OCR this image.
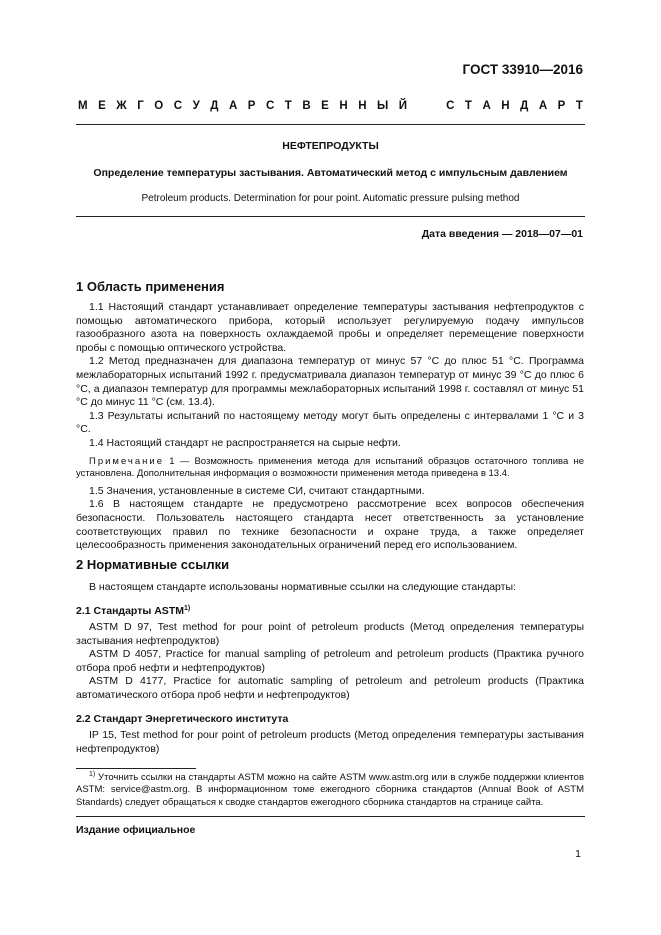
ГОСТ 33910—2016
М Е Ж Г О С У Д А Р С Т В Е Н Н Ы Й	С Т А Н Д А Р Т
НЕФТЕПРОДУКТЫ
Определение температуры застывания. Автоматический метод с импульсным давлением
Petroleum products. Determination for pour point. Automatic pressure pulsing method
Дата введения — 2018—07—01
1 Область применения

1.1 Настоящий стандарт устанавливает определение температуры застывания нефтепродуктов с помощью автоматического прибора, который использует регулируемую подачу импульсов газообразного азота на поверхность охлаждаемой пробы и определяет перемещение поверхности пробы с помощью оптического устройства.

1.2 Метод предназначен для диапазона температур от минус 57 °С до плюс 51 °С. Программа межлабораторных испытаний 1992 г. предусматривала диапазон температур от минус 39 °С до плюс 6 °С, а диапазон температур для программы межлабораторных испытаний 1998 г. составлял от минус 51 °С до минус 11 °С (см. 13.4).

1.3 Результаты испытаний по настоящему методу могут быть определены с интервалами 1 °С и 3 °С.

1.4 Настоящий стандарт не распространяется на сырые нефти.

Примечание 1 — Возможность применения метода для испытаний образцов остаточного топлива не установлена. Дополнительная информация о возможности применения метода приведена в 13.4.

1.5 Значения, установленные в системе СИ, считают стандартными.

1.6 В настоящем стандарте не предусмотрено рассмотрение всех вопросов обеспечения безопасности. Пользователь настоящего стандарта несет ответственность за установление соответствующих правил по технике безопасности и охране труда, а также определяет целесообразность применения законодательных ограничений перед его использованием.

2 Нормативные ссылки

В настоящем стандарте использованы нормативные ссылки на следующие стандарты:

2.1 Стандарты ASTM$^{1)}$

ASTM D 97, Test method for pour point of petroleum products (Метод определения температуры застывания нефтепродуктов)

ASTM D 4057, Practice for manual sampling of petroleum and petroleum products (Практика ручного отбора проб нефти и нефтепродуктов)

ASTM D 4177, Practice for automatic sampling of petroleum and petroleum products (Практика автоматического отбора проб нефти и нефтепродуктов)

2.2 Стандарт Энергетического института

IP 15, Test method for pour point of petroleum products (Метод определения температуры застывания нефтепродуктов)

$^{1)}$ Уточнить ссылки на стандарты ASTM можно на сайте ASTM www.astm.org или в службе поддержки клиентов ASTM: service@astm.org. В информационном томе ежегодного сборника стандартов (Annual Book of ASTM Standards) следует обращаться к сводке стандартов ежегодного сборника стандартов на странице сайта.
Издание официальное
1
